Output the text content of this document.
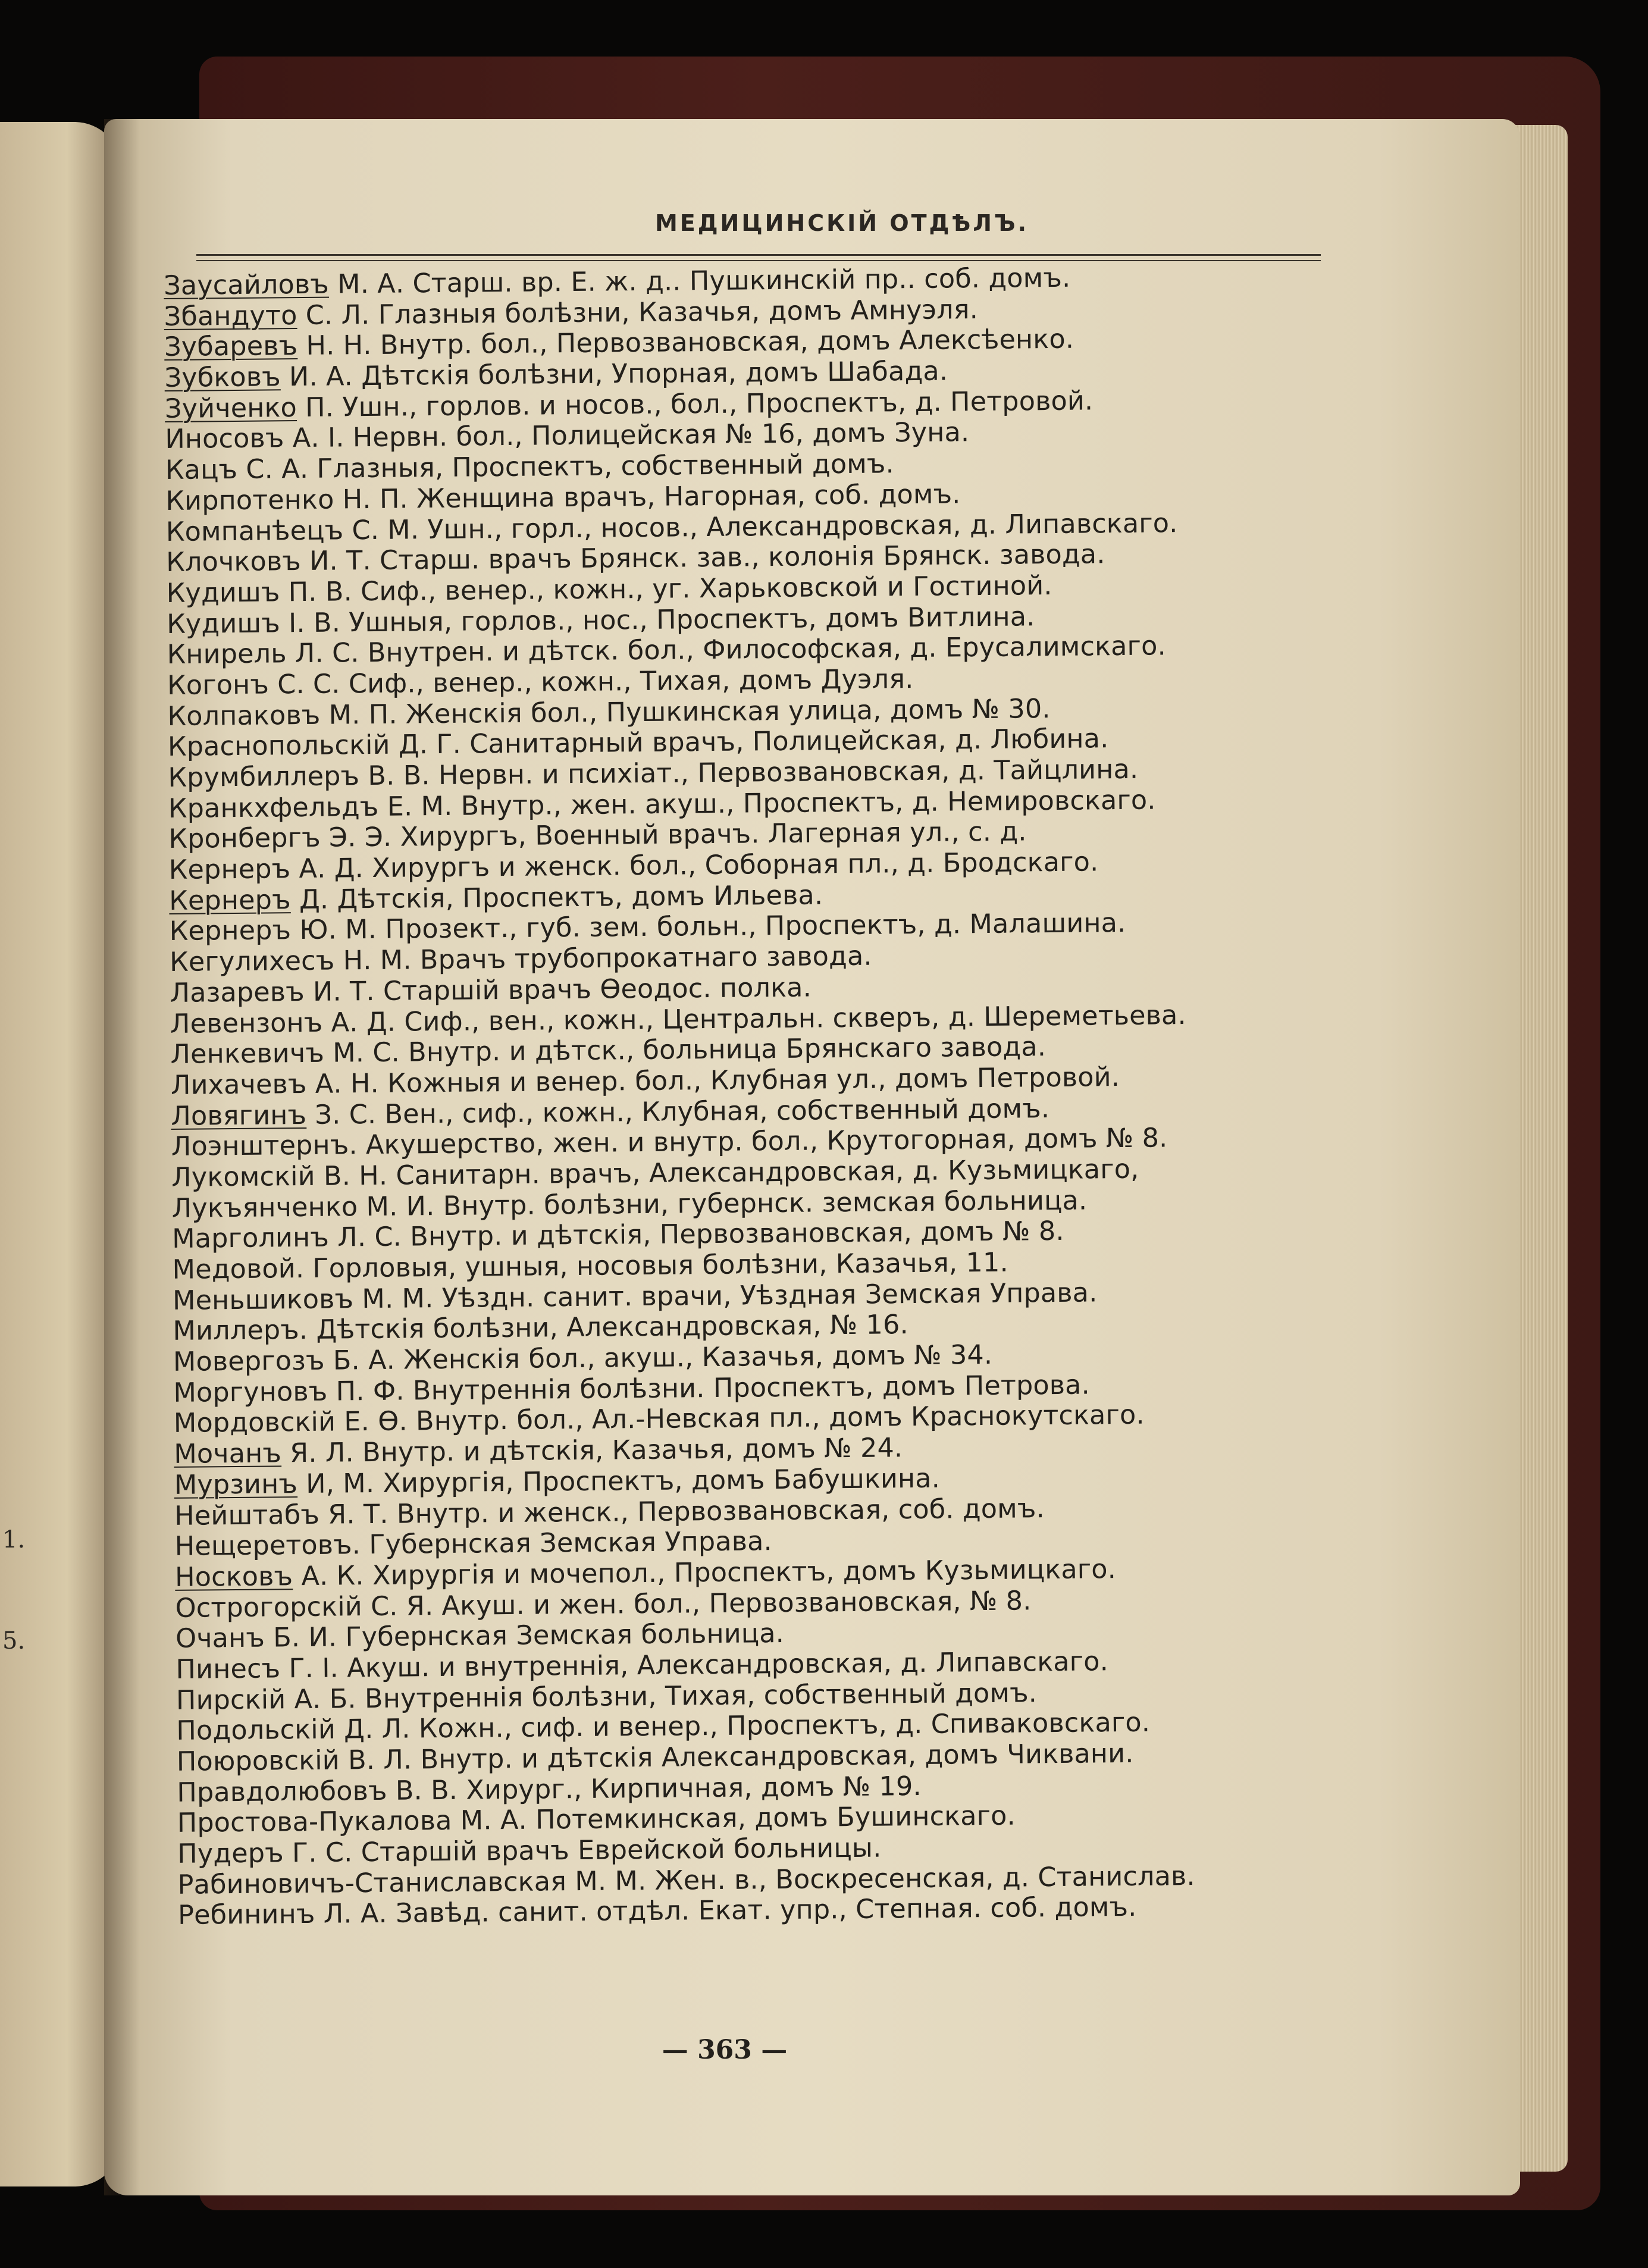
1.
5.
МЕДИЦИНСКІЙ ОТДѢЛЪ.
Заусайловъ М. А. Старш. вр. Е. ж. д.. Пушкинскій пр.. соб. домъ.
Збандуто С. Л. Глазныя болѣзни, Казачья, домъ Амнуэля.
Зубаревъ Н. Н. Внутр. бол., Первозвановская, домъ Алексѣенко.
Зубковъ И. А. Дѣтскія болѣзни, Упорная, домъ Шабада.
Зуйченко П. Ушн., горлов. и носов., бол., Проспектъ, д. Петровой.
Иносовъ А. І. Нервн. бол., Полицейская № 16, домъ Зуна.
Кацъ С. А. Глазныя, Проспектъ, собственный домъ.
Кирпотенко Н. П. Женщина врачъ, Нагорная, соб. домъ.
Компанѣецъ С. М. Ушн., горл., носов., Александровская, д. Липавскаго.
Клочковъ И. Т. Старш. врачъ Брянск. зав., колонія Брянск. завода.
Кудишъ П. В. Сиф., венер., кожн., уг. Харьковской и Гостиной.
Кудишъ І. В. Ушныя, горлов., нос., Проспектъ, домъ Витлина.
Книрель Л. С. Внутрен. и дѣтск. бол., Философская, д. Ерусалимскаго.
Когонъ С. С. Сиф., венер., кожн., Тихая, домъ Дуэля.
Колпаковъ М. П. Женскія бол., Пушкинская улица, домъ № 30.
Краснопольскій Д. Г. Санитарный врачъ, Полицейская, д. Любина.
Крумбиллеръ В. В. Нервн. и психіат., Первозвановская, д. Тайцлина.
Кранкхфельдъ Е. М. Внутр., жен. акуш., Проспектъ, д. Немировскаго.
Кронбергъ Э. Э. Хирургъ, Военный врачъ. Лагерная ул., с. д.
Кернеръ А. Д. Хирургъ и женск. бол., Соборная пл., д. Бродскаго.
Кернеръ Д. Дѣтскія, Проспектъ, домъ Ильева.
Кернеръ Ю. М. Прозект., губ. зем. больн., Проспектъ, д. Малашина.
Кегулихесъ Н. М. Врачъ трубопрокатнаго завода.
Лазаревъ И. Т. Старшій врачъ Ѳеодос. полка.
Левензонъ А. Д. Сиф., вен., кожн., Центральн. скверъ, д. Шереметьева.
Ленкевичъ М. С. Внутр. и дѣтск., больница Брянскаго завода.
Лихачевъ А. Н. Кожныя и венер. бол., Клубная ул., домъ Петровой.
Ловягинъ З. С. Вен., сиф., кожн., Клубная, собственный домъ.
Лоэнштернъ. Акушерство, жен. и внутр. бол., Крутогорная, домъ № 8.
Лукомскій В. Н. Санитарн. врачъ, Александровская, д. Кузьмицкаго,
Лукъянченко М. И. Внутр. болѣзни, губернск. земская больница.
Марголинъ Л. С. Внутр. и дѣтскія, Первозвановская, домъ № 8.
Медовой. Горловыя, ушныя, носовыя болѣзни, Казачья, 11.
Меньшиковъ М. М. Уѣздн. санит. врачи, Уѣздная Земская Управа.
Миллеръ. Дѣтскія болѣзни, Александровская, № 16.
Мовергозъ Б. А. Женскія бол., акуш., Казачья, домъ № 34.
Моргуновъ П. Ф. Внутреннія болѣзни. Проспектъ, домъ Петрова.
Мордовскій Е. Ѳ. Внутр. бол., Ал.-Невская пл., домъ Краснокутскаго.
Мочанъ Я. Л. Внутр. и дѣтскія, Казачья, домъ № 24.
Мурзинъ И, М. Хирургія, Проспектъ, домъ Бабушкина.
Нейштабъ Я. Т. Внутр. и женск., Первозвановская, соб. домъ.
Нещеретовъ. Губернская Земская Управа.
Носковъ А. К. Хирургія и мочепол., Проспектъ, домъ Кузьмицкаго.
Острогорскій С. Я. Акуш. и жен. бол., Первозвановская, № 8.
Очанъ Б. И. Губернская Земская больница.
Пинесъ Г. І. Акуш. и внутреннія, Александровская, д. Липавскаго.
Пирскій А. Б. Внутреннія болѣзни, Тихая, собственный домъ.
Подольскій Д. Л. Кожн., сиф. и венер., Проспектъ, д. Спиваковскаго.
Поюровскій В. Л. Внутр. и дѣтскія Александровская, домъ Чиквани.
Правдолюбовъ В. В. Хирург., Кирпичная, домъ № 19.
Простова-Пукалова М. А. Потемкинская, домъ Бушинскаго.
Пудеръ Г. С. Старшій врачъ Еврейской больницы.
Рабиновичъ-Станиславская М. М. Жен. в., Воскресенская, д. Станислав.
Ребининъ Л. А. Завѣд. санит. отдѣл. Екат. упр., Степная. соб. домъ.
— 363 —
